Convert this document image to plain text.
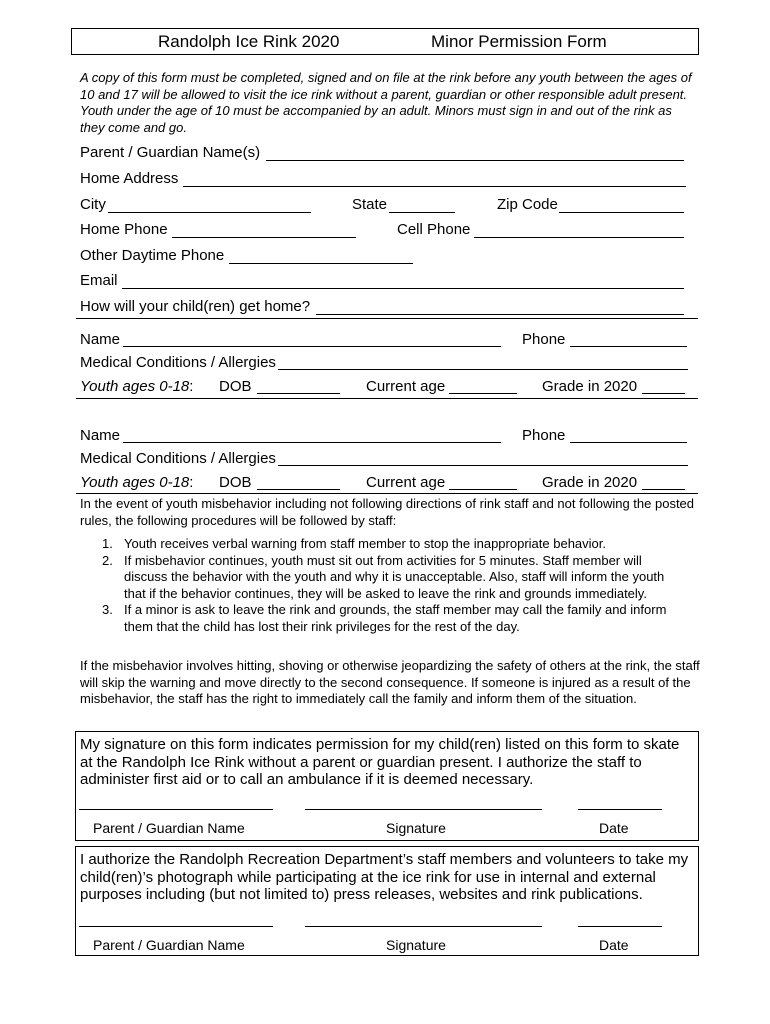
Randolph Ice Rink 2020	Minor Permission Form
A copy of this form must be completed, signed and on file at the rink before any youth between the ages of 10 and 17 will be allowed to visit the ice rink without a parent, guardian or other responsible adult present. Youth under the age of 10 must be accompanied by an adult. Minors must sign in and out of the rink as they come and go.
Parent / Guardian Name(s)
Home Address
City	State	Zip Code
Home Phone	Cell Phone
Other Daytime Phone
Email
How will your child(ren) get home?
Name	Phone
Medical Conditions / Allergies
Youth ages 0-18: DOB	Current age	Grade in 2020
Name	Phone
Medical Conditions / Allergies
Youth ages 0-18: DOB	Current age	Grade in 2020
In the event of youth misbehavior including not following directions of rink staff and not following the posted rules, the following procedures will be followed by staff:
1. Youth receives verbal warning from staff member to stop the inappropriate behavior.
2. If misbehavior continues, youth must sit out from activities for 5 minutes. Staff member will discuss the behavior with the youth and why it is unacceptable. Also, staff will inform the youth that if the behavior continues, they will be asked to leave the rink and grounds immediately.
3. If a minor is ask to leave the rink and grounds, the staff member may call the family and inform them that the child has lost their rink privileges for the rest of the day.
If the misbehavior involves hitting, shoving or otherwise jeopardizing the safety of others at the rink, the staff will skip the warning and move directly to the second consequence. If someone is injured as a result of the misbehavior, the staff has the right to immediately call the family and inform them of the situation.
My signature on this form indicates permission for my child(ren) listed on this form to skate at the Randolph Ice Rink without a parent or guardian present. I authorize the staff to administer first aid or to call an ambulance if it is deemed necessary.
Parent / Guardian Name	Signature	Date
I authorize the Randolph Recreation Department’s staff members and volunteers to take my child(ren)’s photograph while participating at the ice rink for use in internal and external purposes including (but not limited to) press releases, websites and rink publications.
Parent / Guardian Name	Signature	Date
